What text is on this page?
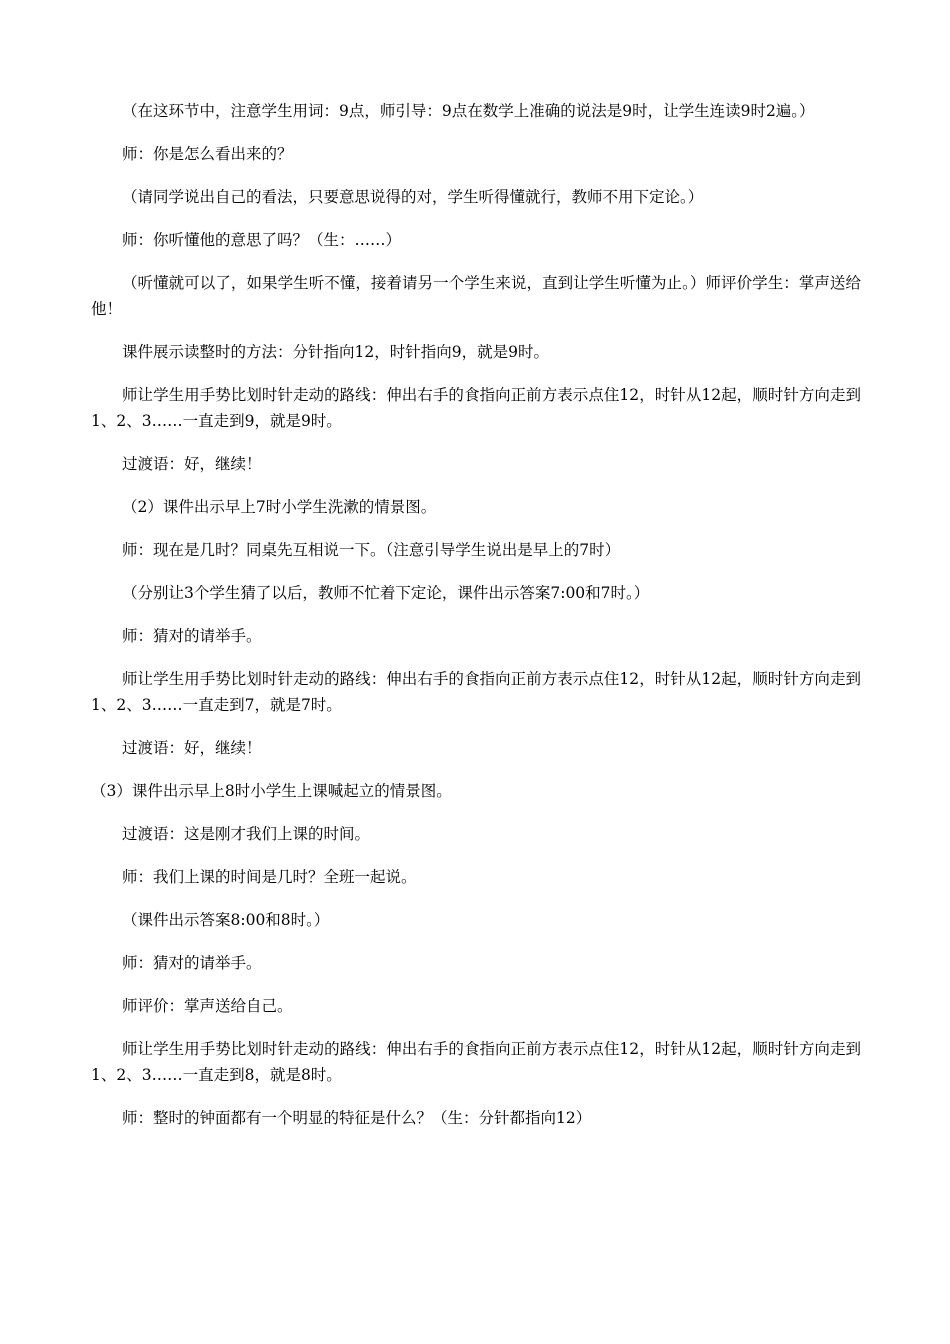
（在这环节中，注意学生用词：9点，师引导：9点在数学上准确的说法是9时，让学生连读9时2遍。）

师：你是怎么看出来的？

（请同学说出自己的看法，只要意思说得的对，学生听得懂就行，教师不用下定论。）

师：你听懂他的意思了吗？（生：……）

（听懂就可以了，如果学生听不懂，接着请另一个学生来说，直到让学生听懂为止。）师评价学生：掌声送给他！

课件展示读整时的方法：分针指向12，时针指向9，就是9时。

师让学生用手势比划时针走动的路线：伸出右手的食指向正前方表示点住12，时针从12起，顺时针方向走到1、2、3……一直走到9，就是9时。

过渡语：好，继续！

（2）课件出示早上7时小学生洗漱的情景图。

师：现在是几时？同桌先互相说一下。（注意引导学生说出是早上的7时）

（分别让3个学生猜了以后，教师不忙着下定论，课件出示答案7:00和7时。）

师：猜对的请举手。

师让学生用手势比划时针走动的路线：伸出右手的食指向正前方表示点住12，时针从12起，顺时针方向走到1、2、3……一直走到7，就是7时。

过渡语：好，继续！

（3）课件出示早上8时小学生上课喊起立的情景图。

过渡语：这是刚才我们上课的时间。

师：我们上课的时间是几时？全班一起说。

（课件出示答案8:00和8时。）

师：猜对的请举手。

师评价：掌声送给自己。

师让学生用手势比划时针走动的路线：伸出右手的食指向正前方表示点住12，时针从12起，顺时针方向走到1、2、3……一直走到8，就是8时。

师：整时的钟面都有一个明显的特征是什么？（生：分针都指向12）
